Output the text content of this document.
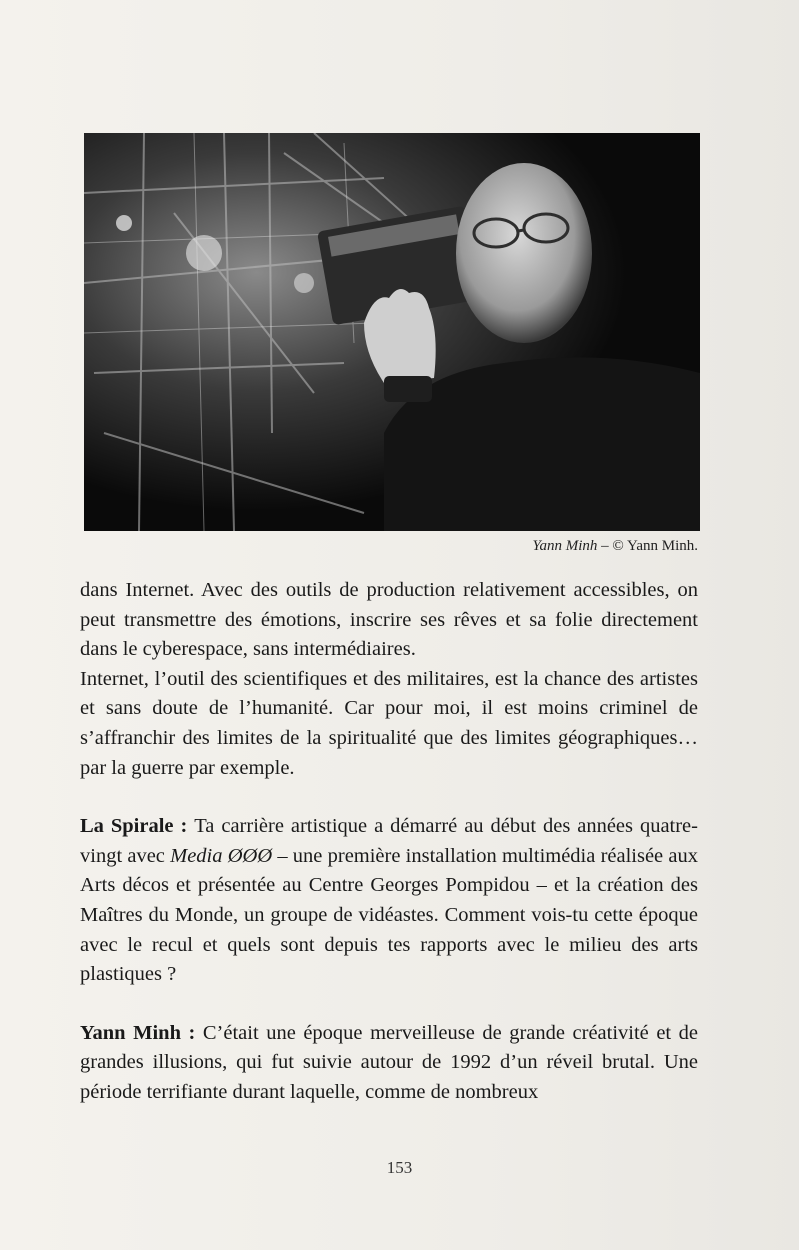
Yann Minh – © Yann Minh.

dans Internet. Avec des outils de production relativement accessibles, on peut transmettre des émotions, inscrire ses rêves et sa folie directement dans le cyberespace, sans intermédiaires.

Internet, l’outil des scientifiques et des militaires, est la chance des artistes et sans doute de l’humanité. Car pour moi, il est moins criminel de s’affranchir des limites de la spiritualité que des limites géographiques… par la guerre par exemple.

La Spirale : Ta carrière artistique a démarré au début des années quatre-vingt avec Media ØØØ – une première installation multimédia réalisée aux Arts décos et présentée au Centre Georges Pompidou – et la création des Maîtres du Monde, un groupe de vidéastes. Comment vois-tu cette époque avec le recul et quels sont depuis tes rapports avec le milieu des arts plastiques ?

Yann Minh : C’était une époque merveilleuse de grande créativité et de grandes illusions, qui fut suivie autour de 1992 d’un réveil brutal. Une période terrifiante durant laquelle, comme de nombreux

153
